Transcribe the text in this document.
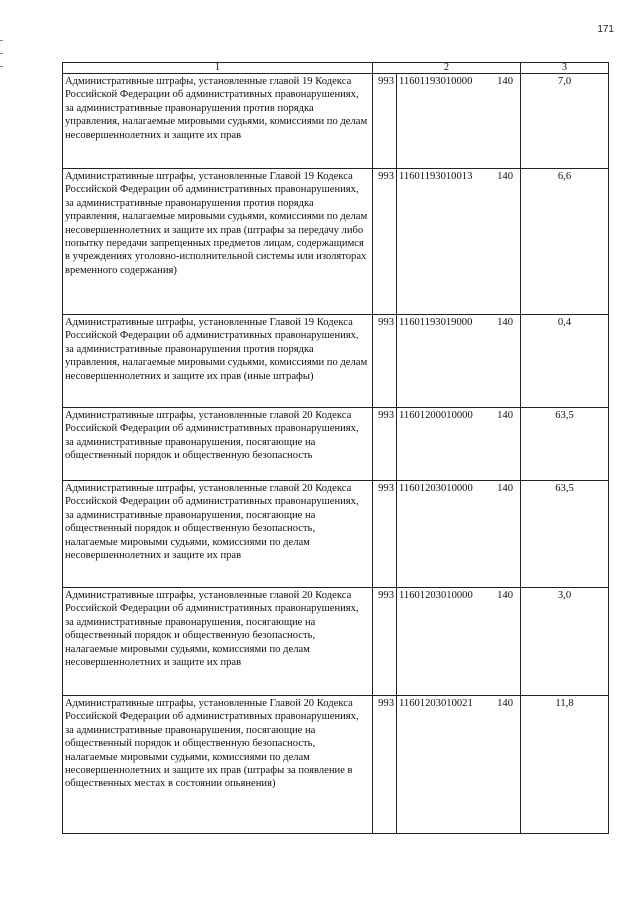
171
1	2		3
Административные штрафы, установленные главой 19 Кодекса Российской Федерации об административных правонарушениях, за административные правонарушения против порядка управления, налагаемые мировыми судьями, комиссиями по делам несовершеннолетних и защите их прав	993	11601193010000 140	7,0
Административные штрафы, установленные Главой 19 Кодекса Российской Федерации об административных правонарушениях, за административные правонарушения против порядка управления, налагаемые мировыми судьями, комиссиями по делам несовершеннолетних и защите их прав (штрафы за передачу либо попытку передачи запрещенных предметов лицам, содержащимся в учреждениях уголовно-исполнительной системы или изоляторах временного содержания)	993	11601193010013 140	6,6
Административные штрафы, установленные Главой 19 Кодекса Российской Федерации об административных правонарушениях, за административные правонарушения против порядка управления, налагаемые мировыми судьями, комиссиями по делам несовершеннолетних и защите их прав (иные штрафы)	993	11601193019000 140	0,4
Административные штрафы, установленные главой 20 Кодекса Российской Федерации об административных правонарушениях, за административные правонарушения, посягающие на общественный порядок и общественную безопасность	993	11601200010000 140	63,5
Административные штрафы, установленные главой 20 Кодекса Российской Федерации об административных правонарушениях, за административные правонарушения, посягающие на общественный порядок и общественную безопасность, налагаемые мировыми судьями, комиссиями по делам несовершеннолетних и защите их прав	993	11601203010000 140	63,5
Административные штрафы, установленные главой 20 Кодекса Российской Федерации об административных правонарушениях, за административные правонарушения, посягающие на общественный порядок и общественную безопасность, налагаемые мировыми судьями, комиссиями по делам несовершеннолетних и защите их прав	993	11601203010000 140	3,0
Административные штрафы, установленные Главой 20 Кодекса Российской Федерации об административных правонарушениях, за административные правонарушения, посягающие на общественный порядок и общественную безопасность, налагаемые мировыми судьями, комиссиями по делам несовершеннолетних и защите их прав (штрафы за появление в общественных местах в состоянии опьянения)	993	11601203010021 140	11,8
